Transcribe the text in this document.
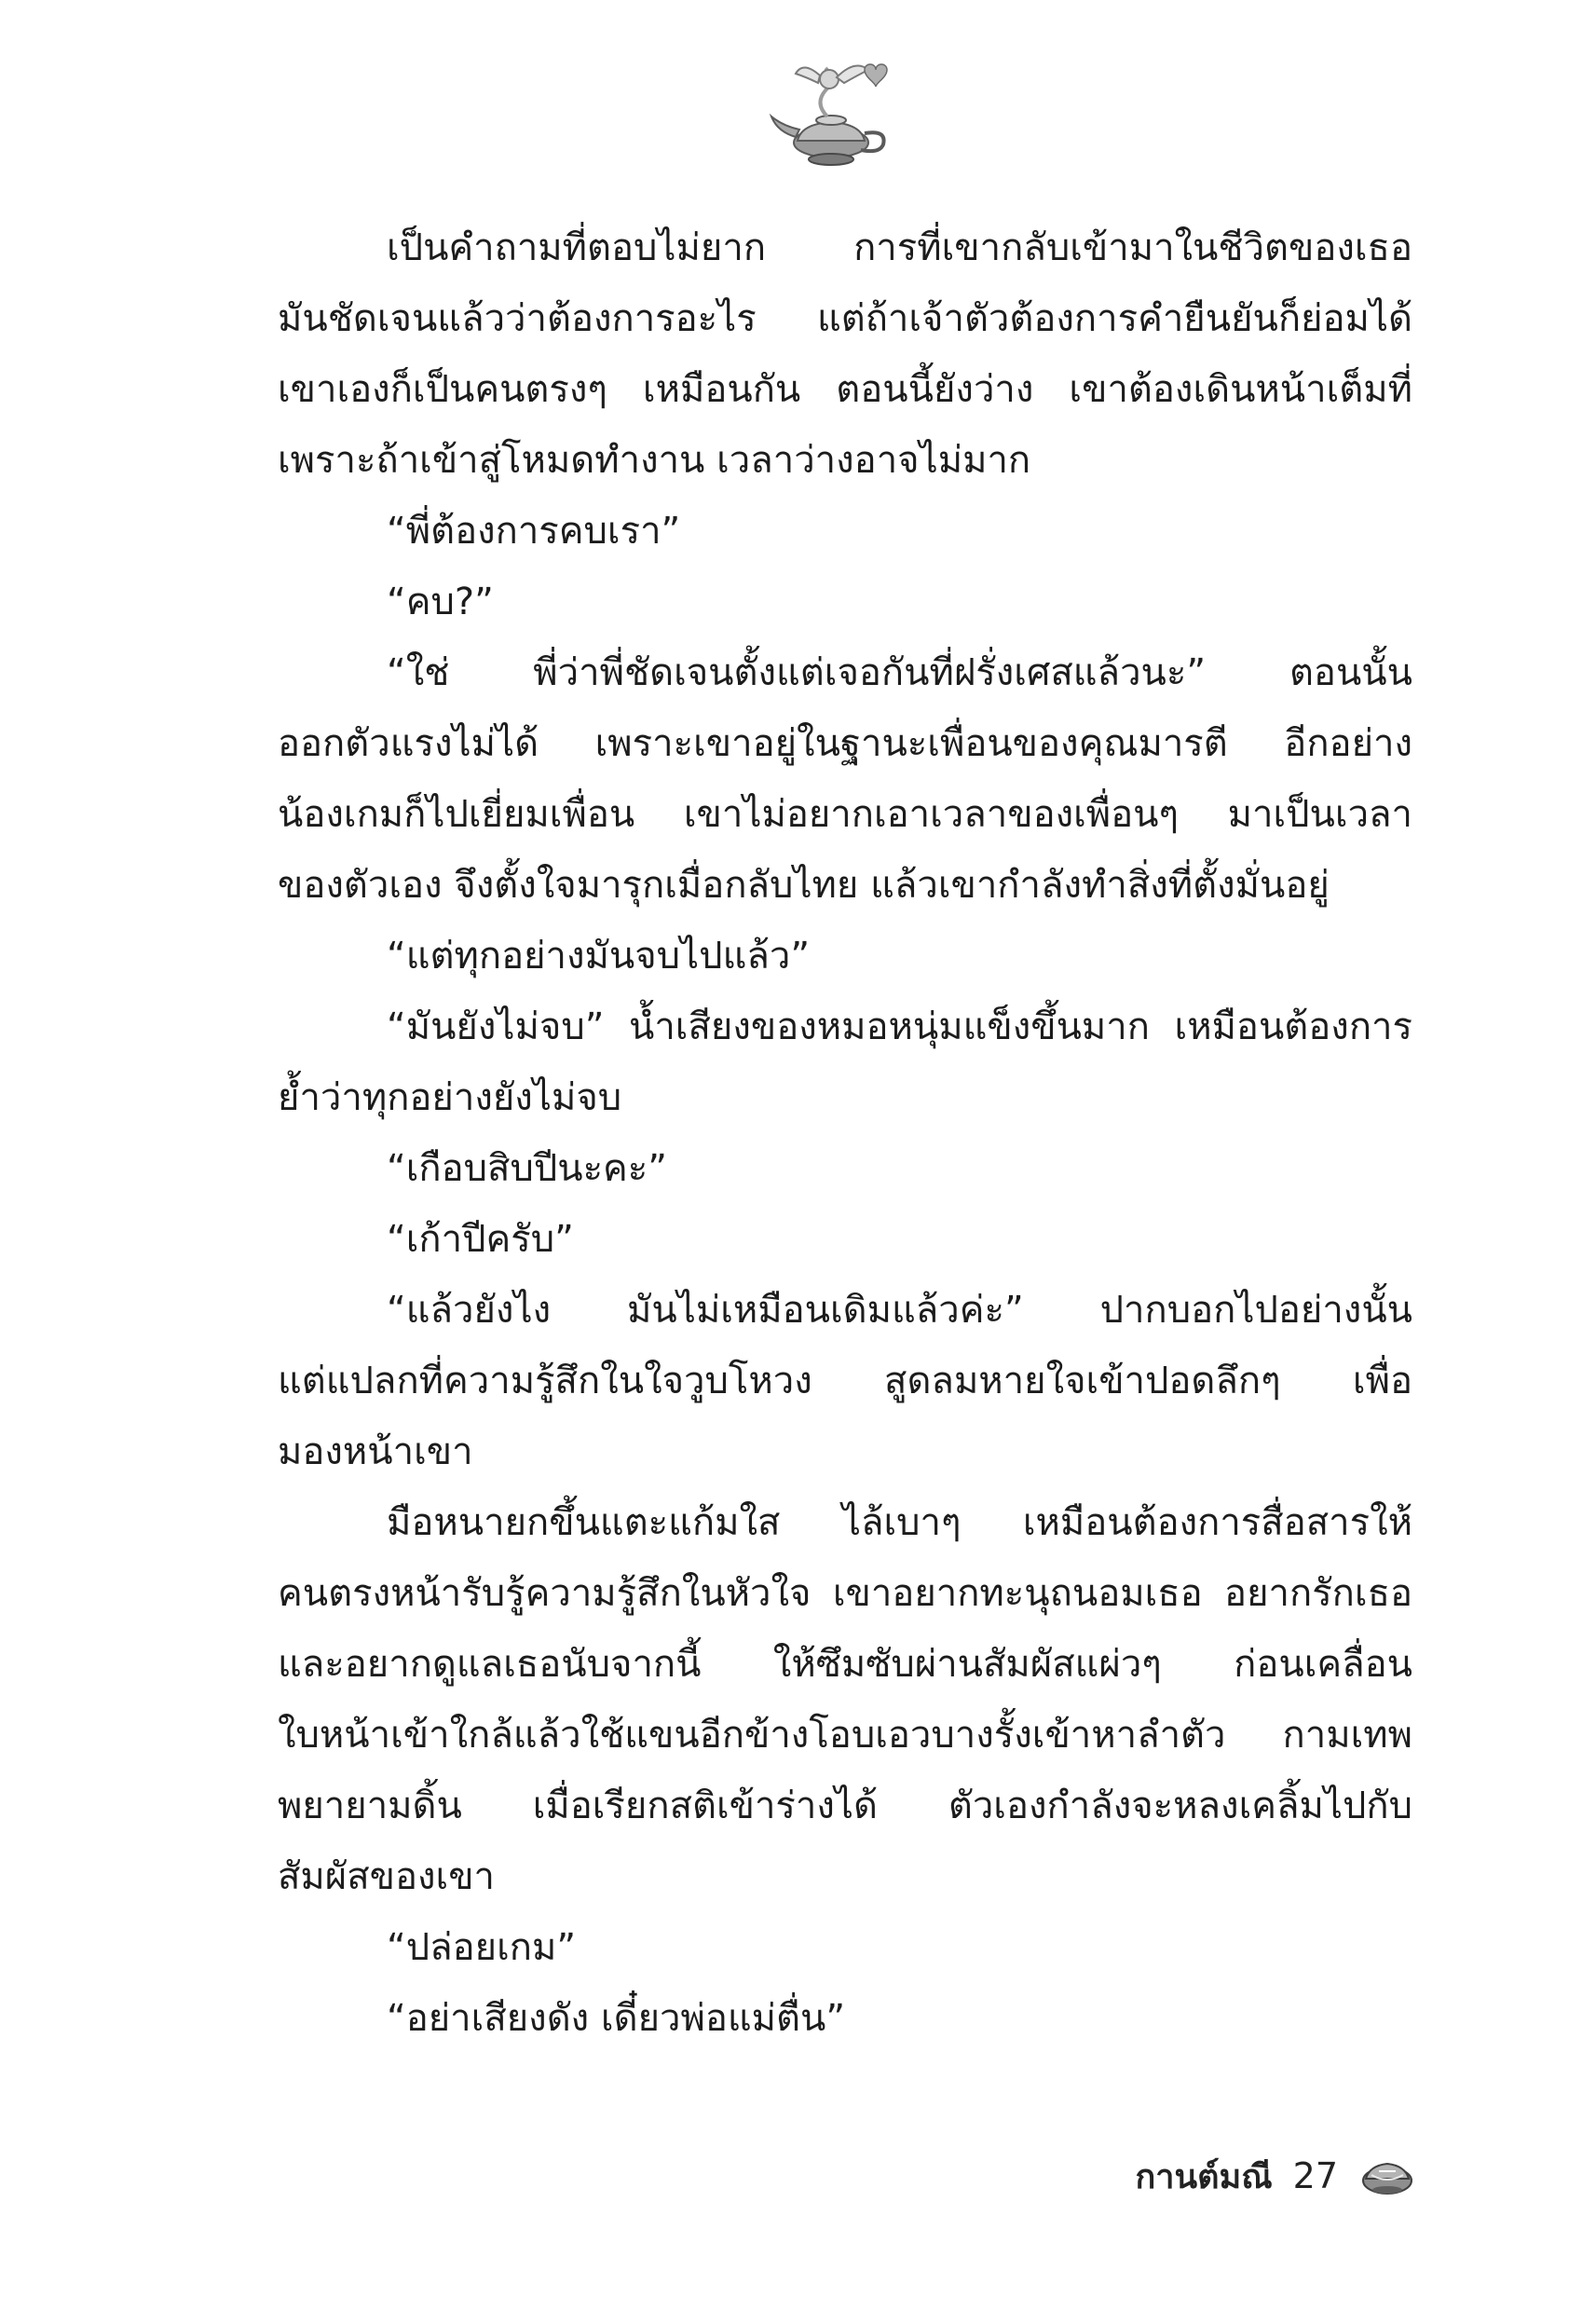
เป็นคำถามที่ตอบไม่ยาก การที่เขากลับเข้ามาในชีวิตของเธอ
มันชัดเจนแล้วว่าต้องการอะไร แต่ถ้าเจ้าตัวต้องการคำยืนยันก็ย่อมได้
เขาเองก็เป็นคนตรงๆ เหมือนกัน ตอนนี้ยังว่าง เขาต้องเดินหน้าเต็มที่
เพราะถ้าเข้าสู่โหมดทำงาน เวลาว่างอาจไม่มาก
“พี่ต้องการคบเรา”
“คบ?”
“ใช่ พี่ว่าพี่ชัดเจนตั้งแต่เจอกันที่ฝรั่งเศสแล้วนะ” ตอนนั้น
ออกตัวแรงไม่ได้ เพราะเขาอยู่ในฐานะเพื่อนของคุณมารตี อีกอย่าง
น้องเกมก็ไปเยี่ยมเพื่อน เขาไม่อยากเอาเวลาของเพื่อนๆ มาเป็นเวลา
ของตัวเอง จึงตั้งใจมารุกเมื่อกลับไทย แล้วเขากำลังทำสิ่งที่ตั้งมั่นอยู่
“แต่ทุกอย่างมันจบไปแล้ว”
“มันยังไม่จบ” น้ำเสียงของหมอหนุ่มแข็งขึ้นมาก เหมือนต้องการ
ย้ำว่าทุกอย่างยังไม่จบ
“เกือบสิบปีนะคะ”
“เก้าปีครับ”
“แล้วยังไง มันไม่เหมือนเดิมแล้วค่ะ” ปากบอกไปอย่างนั้น
แต่แปลกที่ความรู้สึกในใจวูบโหวง สูดลมหายใจเข้าปอดลึกๆ เพื่อ
มองหน้าเขา
มือหนายกขึ้นแตะแก้มใส ไล้เบาๆ เหมือนต้องการสื่อสารให้
คนตรงหน้ารับรู้ความรู้สึกในหัวใจ เขาอยากทะนุถนอมเธอ อยากรักเธอ
และอยากดูแลเธอนับจากนี้ ให้ซึมซับผ่านสัมผัสแผ่วๆ ก่อนเคลื่อน
ใบหน้าเข้าใกล้แล้วใช้แขนอีกข้างโอบเอวบางรั้งเข้าหาลำตัว กามเทพ
พยายามดิ้น เมื่อเรียกสติเข้าร่างได้ ตัวเองกำลังจะหลงเคลิ้มไปกับ
สัมผัสของเขา
“ปล่อยเกม”
“อย่าเสียงดัง เดี๋ยวพ่อแม่ตื่น”
กานต์มณี 27
